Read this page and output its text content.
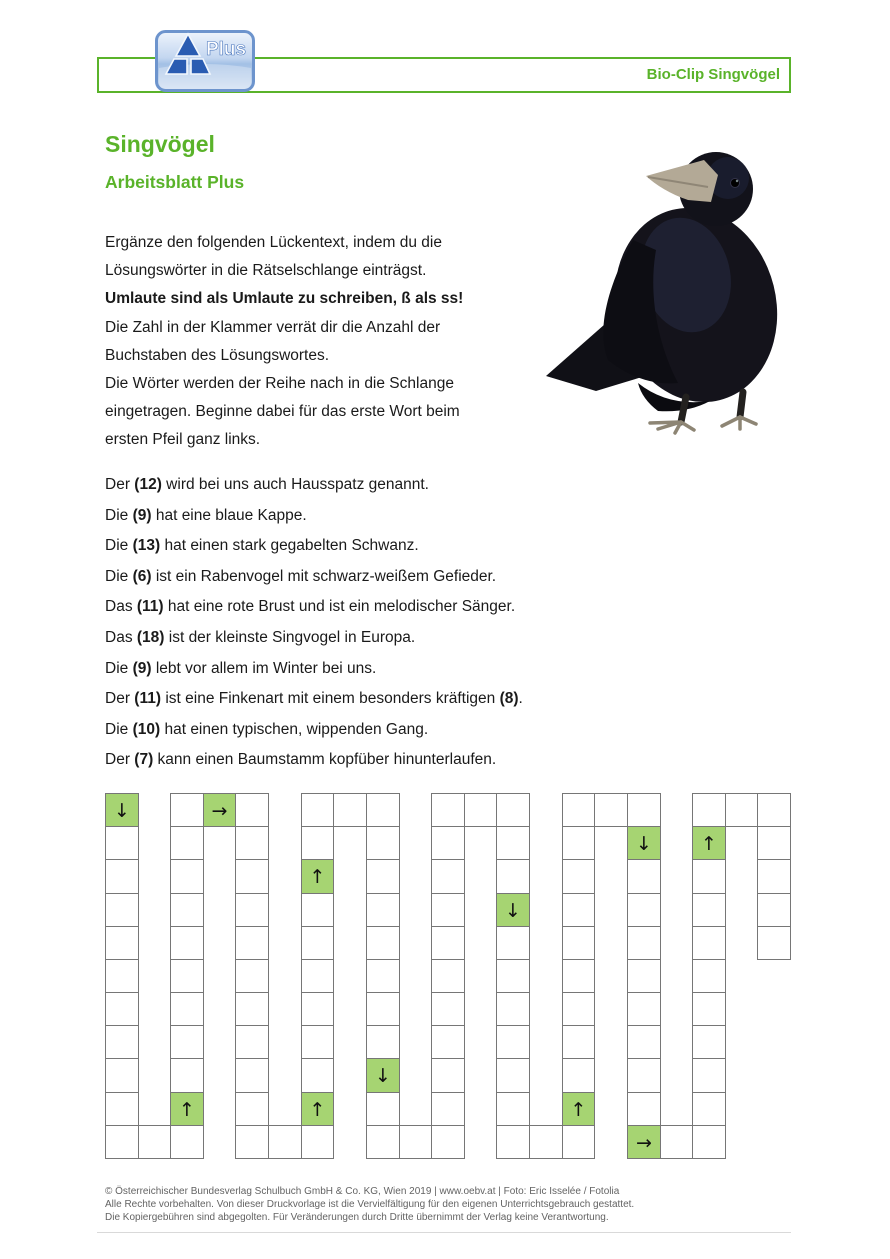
Bio-Clip Singvögel
Plus
Singvögel
Arbeitsblatt Plus
Ergänze den folgenden Lückentext, indem du die
Lösungswörter in die Rätselschlange einträgst.
Umlaute sind als Umlaute zu schreiben, ß als ss!
Die Zahl in der Klammer verrät dir die Anzahl der
Buchstaben des Lösungswortes.
Die Wörter werden der Reihe nach in die Schlange
eingetragen. Beginne dabei für das erste Wort beim
ersten Pfeil ganz links.
Der (12) wird bei uns auch Hausspatz genannt.
Die (9) hat eine blaue Kappe.
Die (13) hat einen stark gegabelten Schwanz.
Die (6) ist ein Rabenvogel mit schwarz-weißem Gefieder.
Das (11) hat eine rote Brust und ist ein melodischer Sänger.
Das (18) ist der kleinste Singvogel in Europa.
Die (9) lebt vor allem im Winter bei uns.
Der (11) ist eine Finkenart mit einem besonders kräftigen (8).
Die (10) hat einen typischen, wippenden Gang.
Der (7) kann einen Baumstamm kopfüber hinunterlaufen.
↓
↑
↑
↑
↓
↓
↑
↓
→
↑
→
© Österreichischer Bundesverlag Schulbuch GmbH & Co. KG, Wien 2019 | www.oebv.at | Foto: Eric Isselée / Fotolia
Alle Rechte vorbehalten. Von dieser Druckvorlage ist die Vervielfältigung für den eigenen Unterrichtsgebrauch gestattet.
Die Kopiergebühren sind abgegolten. Für Veränderungen durch Dritte übernimmt der Verlag keine Verantwortung.
